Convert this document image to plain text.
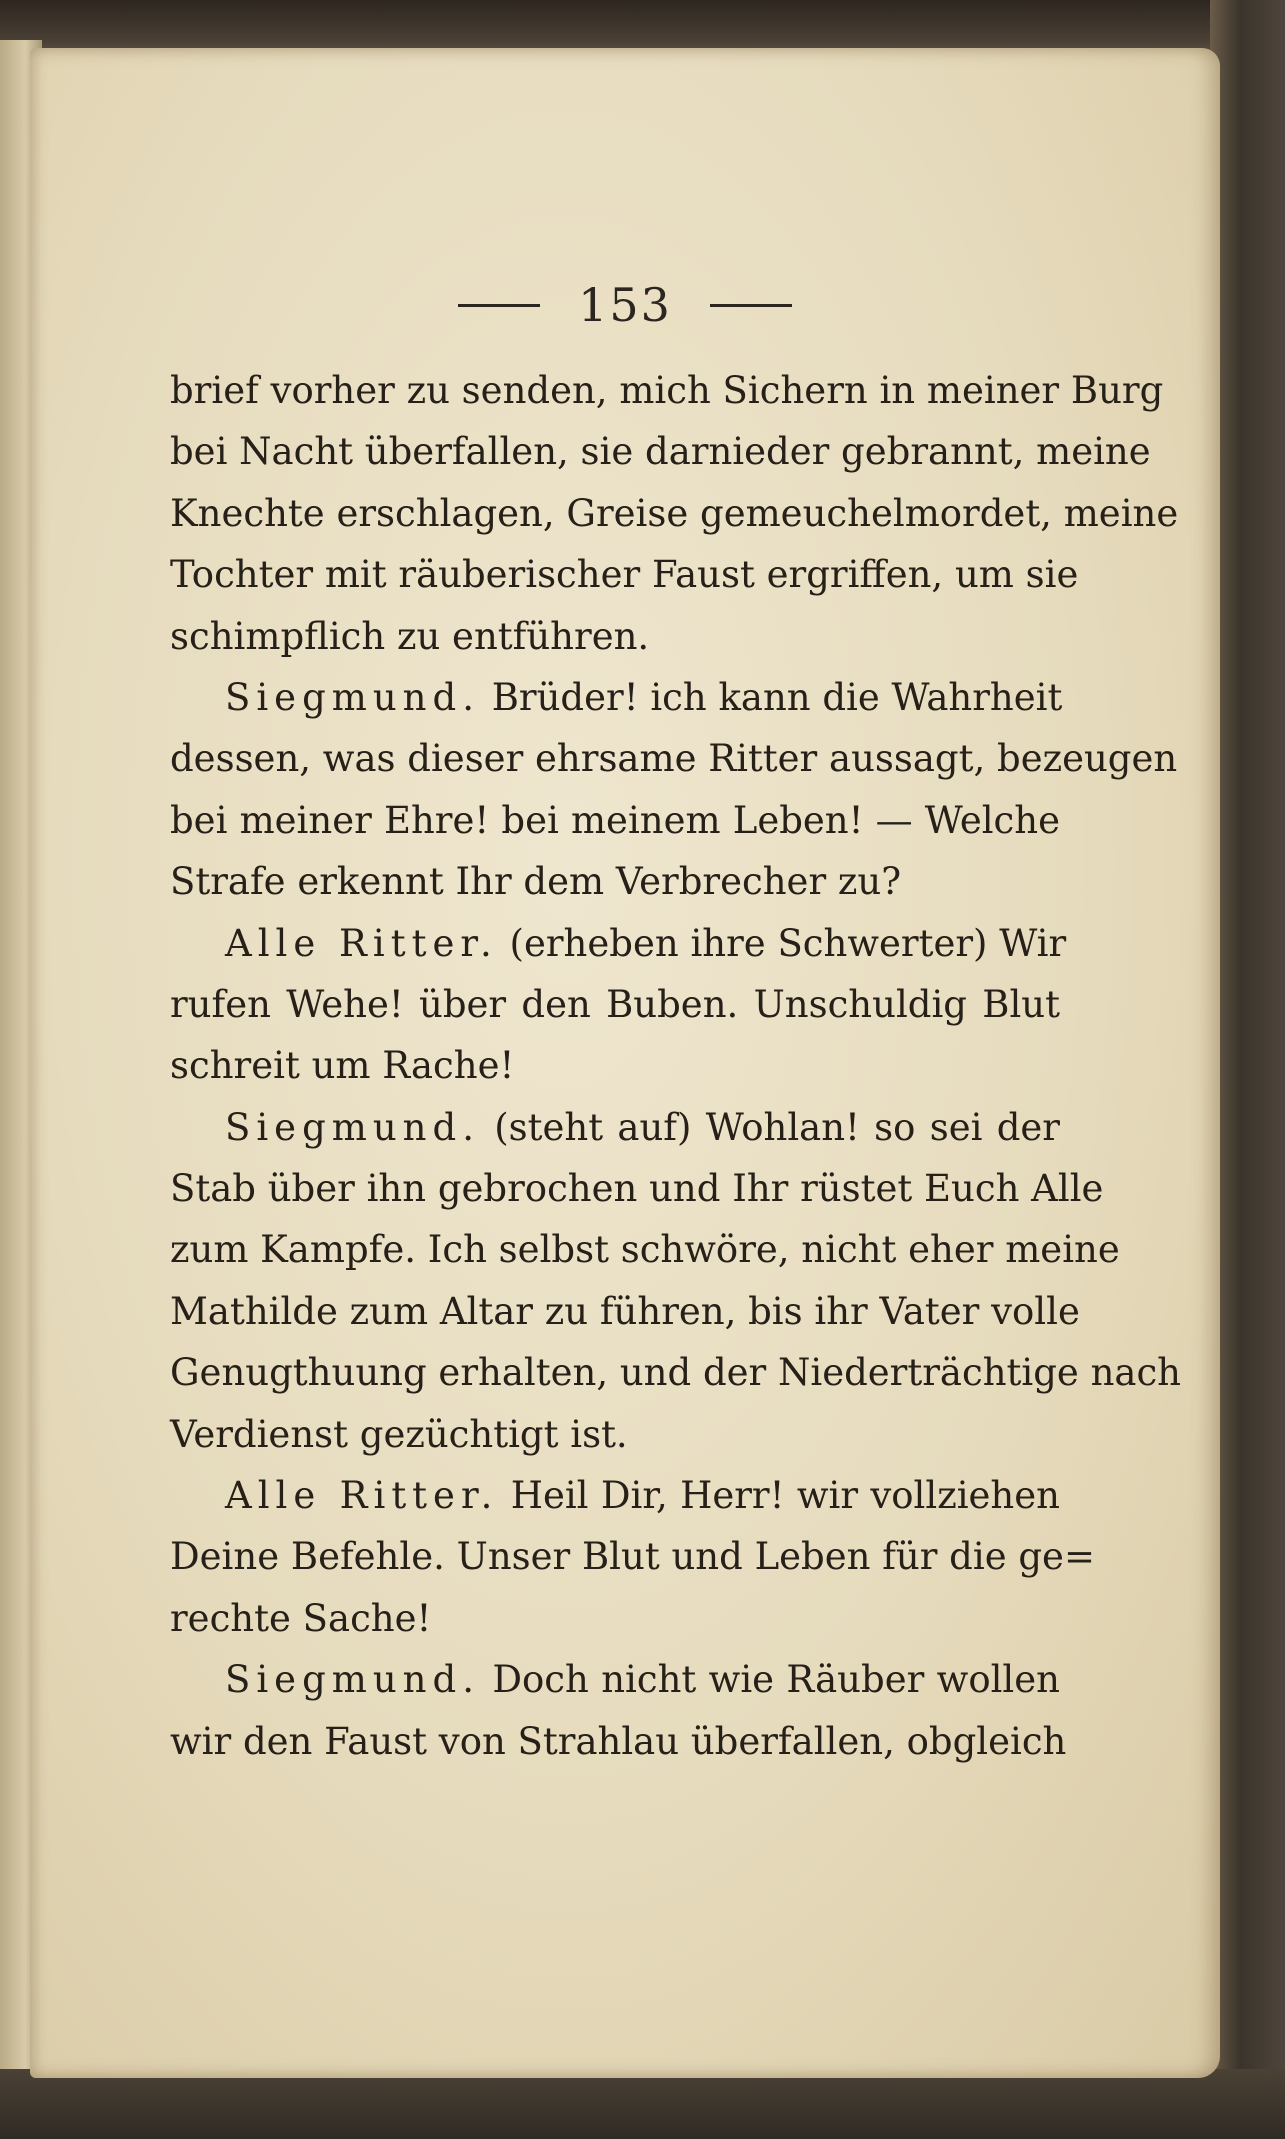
153
brief vorher zu senden, mich Sichern in meiner Burg
bei Nacht überfallen, sie darnieder gebrannt, meine
Knechte erschlagen, Greise gemeuchelmordet, meine
Tochter mit räuberischer Faust ergriffen, um sie
schimpflich zu entführen.
Siegmund. Brüder! ich kann die Wahrheit
dessen, was dieser ehrsame Ritter aussagt, bezeugen
bei meiner Ehre! bei meinem Leben! — Welche
Strafe erkennt Ihr dem Verbrecher zu?
Alle Ritter. (erheben ihre Schwerter) Wir
rufen Wehe! über den Buben. Unschuldig Blut
schreit um Rache!
Siegmund. (steht auf) Wohlan! so sei der
Stab über ihn gebrochen und Ihr rüstet Euch Alle
zum Kampfe. Ich selbst schwöre, nicht eher meine
Mathilde zum Altar zu führen, bis ihr Vater volle
Genugthuung erhalten, und der Niederträchtige nach
Verdienst gezüchtigt ist.
Alle Ritter. Heil Dir, Herr! wir vollziehen
Deine Befehle. Unser Blut und Leben für die ge=
rechte Sache!
Siegmund. Doch nicht wie Räuber wollen
wir den Faust von Strahlau überfallen, obgleich
